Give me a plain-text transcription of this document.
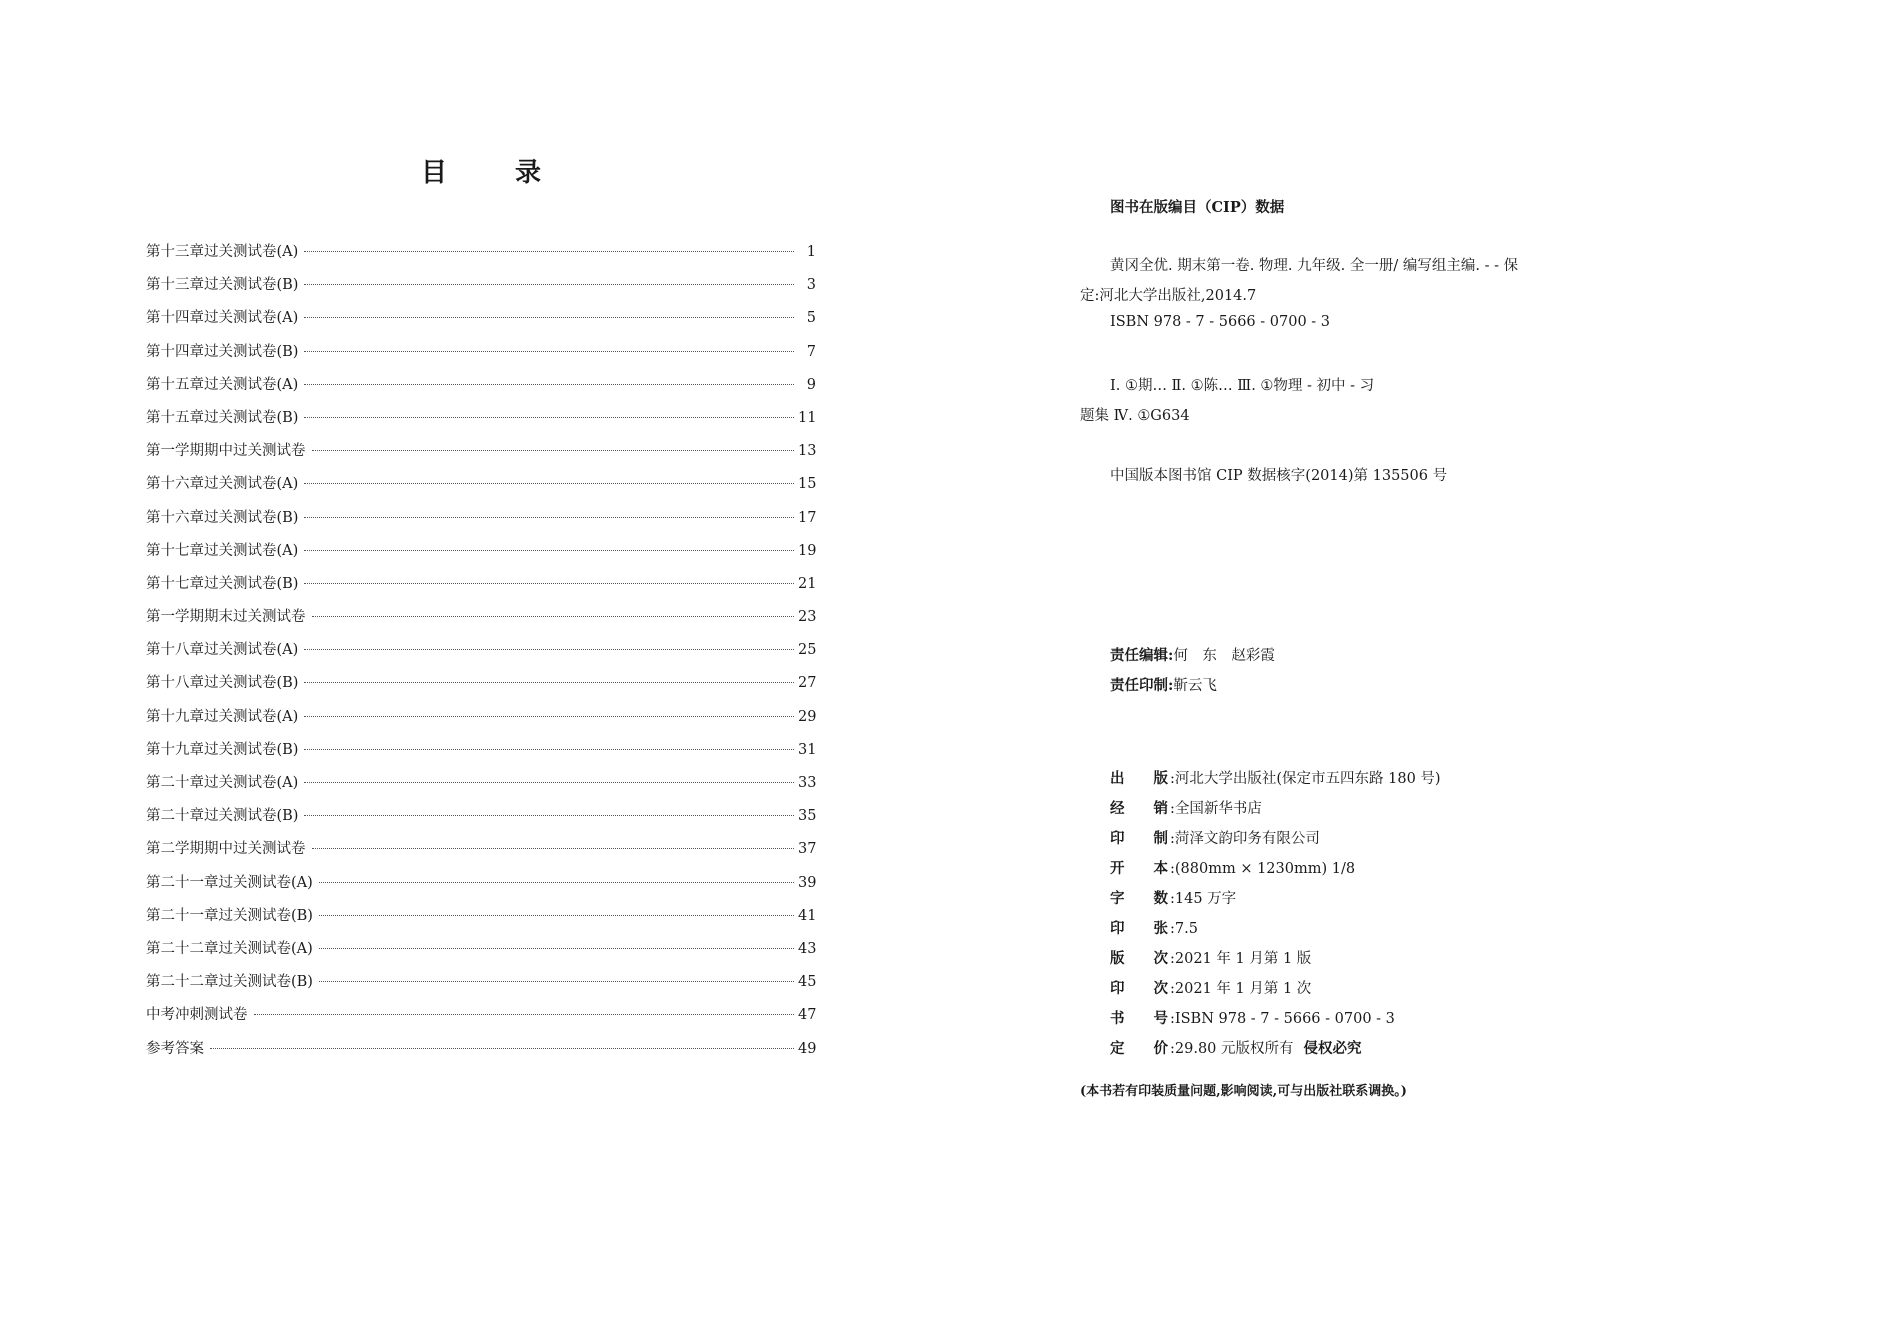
目	录
第十三章过关测试卷(A)	1
第十三章过关测试卷(B)	3
第十四章过关测试卷(A)	5
第十四章过关测试卷(B)	7
第十五章过关测试卷(A)	9
第十五章过关测试卷(B)	11
第一学期期中过关测试卷	13
第十六章过关测试卷(A)	15
第十六章过关测试卷(B)	17
第十七章过关测试卷(A)	19
第十七章过关测试卷(B)	21
第一学期期末过关测试卷	23
第十八章过关测试卷(A)	25
第十八章过关测试卷(B)	27
第十九章过关测试卷(A)	29
第十九章过关测试卷(B)	31
第二十章过关测试卷(A)	33
第二十章过关测试卷(B)	35
第二学期期中过关测试卷	37
第二十一章过关测试卷(A)	39
第二十一章过关测试卷(B)	41
第二十二章过关测试卷(A)	43
第二十二章过关测试卷(B)	45
中考冲刺测试卷	47
参考答案	49
图书在版编目（CIP）数据
黄冈全优. 期末第一卷. 物理. 九年级. 全一册/ 编写组主编. - - 保
定:河北大学出版社,2014.7
ISBN 978 - 7 - 5666 - 0700 - 3
Ⅰ. ①期… Ⅱ. ①陈… Ⅲ. ①物理 - 初中 - 习
题集 Ⅳ. ①G634
中国版本图书馆 CIP 数据核字(2014)第 135506 号
责任编辑:何　东　赵彩霞
责任印制:靳云飞
出 版 :河北大学出版社(保定市五四东路 180 号)
经 销 :全国新华书店
印 制 :菏泽文韵印务有限公司
开 本 :(880mm × 1230mm) 1/8
字 数 :145 万字
印 张 :7.5
版 次 :2021 年 1 月第 1 版
印 次 :2021 年 1 月第 1 次
书 号 :ISBN 978 - 7 - 5666 - 0700 - 3
定 价 :29.80 元版权所有 侵权必究
(本书若有印装质量问题,影响阅读,可与出版社联系调换。)
